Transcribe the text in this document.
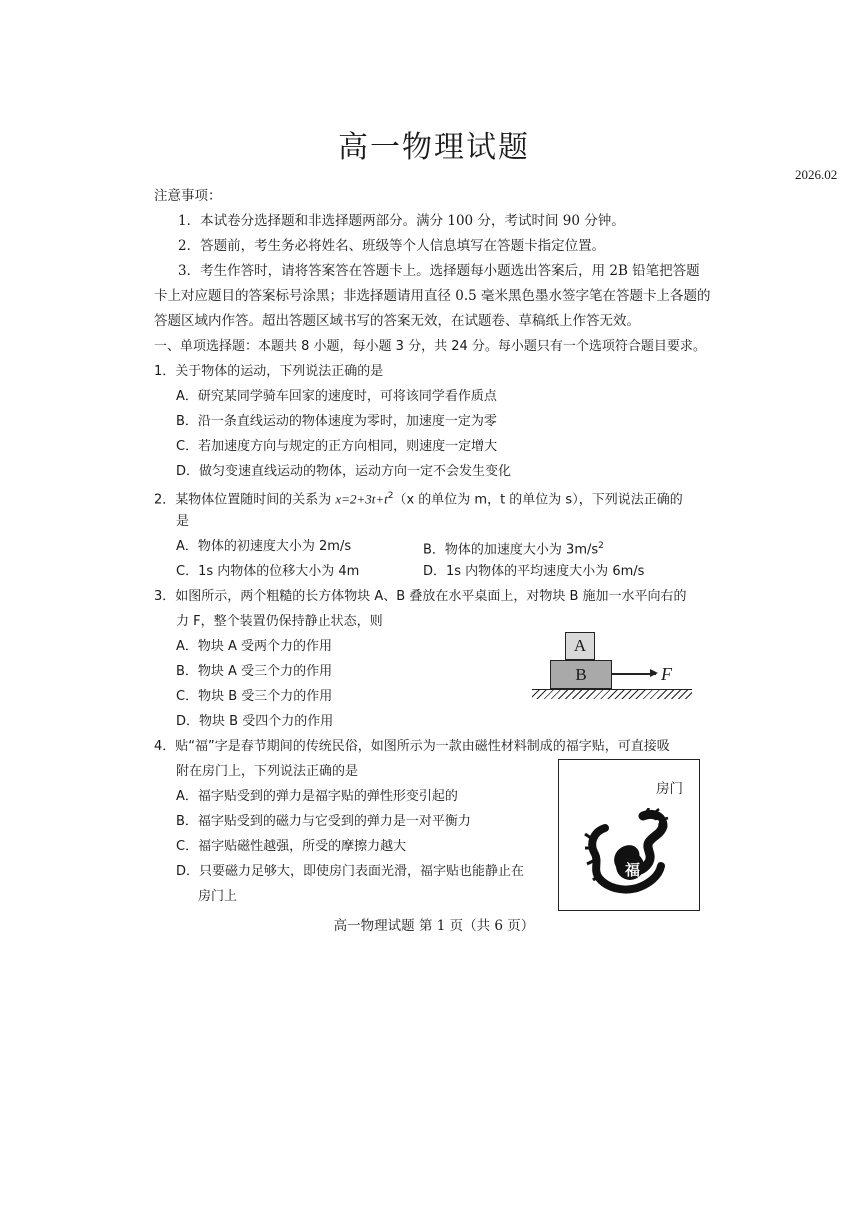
高一物理试题
2026.02
注意事项：
1．本试卷分选择题和非选择题两部分。满分 100 分，考试时间 90 分钟。
2．答题前，考生务必将姓名、班级等个人信息填写在答题卡指定位置。
3．考生作答时，请将答案答在答题卡上。选择题每小题选出答案后，用 2B 铅笔把答题
卡上对应题目的答案标号涂黑；非选择题请用直径 0.5 毫米黑色墨水签字笔在答题卡上各题的
答题区域内作答。超出答题区域书写的答案无效，在试题卷、草稿纸上作答无效。
一、单项选择题：本题共 8 小题，每小题 3 分，共 24 分。每小题只有一个选项符合题目要求。
1．关于物体的运动，下列说法正确的是
A．研究某同学骑车回家的速度时，可将该同学看作质点
B．沿一条直线运动的物体速度为零时，加速度一定为零
C．若加速度方向与规定的正方向相同，则速度一定增大
D．做匀变速直线运动的物体，运动方向一定不会发生变化
2．某物体位置随时间的关系为 $x=2+3t+t^2(x$ 的单位为 m，t 的单位为 s），下列说法正确的
是
A．物体的初速度大小为 2m/s	B．物体的加速度大小为 $3m/s^2$
C．1s 内物体的位移大小为 4m	D．1s 内物体的平均速度大小为 6m/s
3．如图所示，两个粗糙的长方体物块 A、B 叠放在水平桌面上，对物块 B 施加一水平向右的
力 F，整个装置仍保持静止状态，则
A．物块 A 受两个力的作用
B．物块 A 受三个力的作用
C．物块 B 受三个力的作用
D．物块 B 受四个力的作用
A
B	F
4．贴“福”字是春节期间的传统民俗，如图所示为一款由磁性材料制成的福字贴，可直接吸
附在房门上，下列说法正确的是
A．福字贴受到的弹力是福字贴的弹性形变引起的
B．福字贴受到的磁力与它受到的弹力是一对平衡力
C．福字贴磁性越强，所受的摩擦力越大
D．只要磁力足够大，即使房门表面光滑，福字贴也能静止在
房门上
房门
福
高一物理试题 第 1 页（共 6 页）
